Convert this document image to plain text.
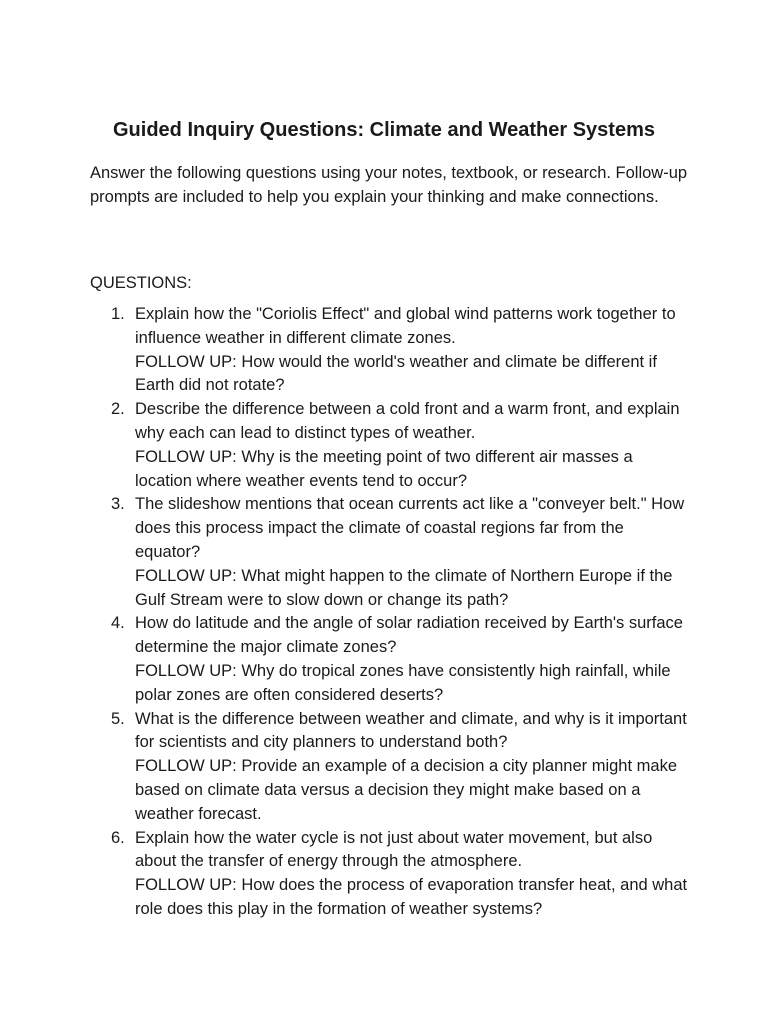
Guided Inquiry Questions: Climate and Weather Systems

Answer the following questions using your notes, textbook, or research. Follow-up prompts are included to help you explain your thinking and make connections.

QUESTIONS:

1. Explain how the "Coriolis Effect" and global wind patterns work together to influence weather in different climate zones.
FOLLOW UP: How would the world's weather and climate be different if Earth did not rotate?
2. Describe the difference between a cold front and a warm front, and explain why each can lead to distinct types of weather.
FOLLOW UP: Why is the meeting point of two different air masses a location where weather events tend to occur?
3. The slideshow mentions that ocean currents act like a "conveyer belt." How does this process impact the climate of coastal regions far from the equator?
FOLLOW UP: What might happen to the climate of Northern Europe if the Gulf Stream were to slow down or change its path?
4. How do latitude and the angle of solar radiation received by Earth's surface determine the major climate zones?
FOLLOW UP: Why do tropical zones have consistently high rainfall, while polar zones are often considered deserts?
5. What is the difference between weather and climate, and why is it important for scientists and city planners to understand both?
FOLLOW UP: Provide an example of a decision a city planner might make based on climate data versus a decision they might make based on a weather forecast.
6. Explain how the water cycle is not just about water movement, but also about the transfer of energy through the atmosphere.
FOLLOW UP: How does the process of evaporation transfer heat, and what role does this play in the formation of weather systems?
